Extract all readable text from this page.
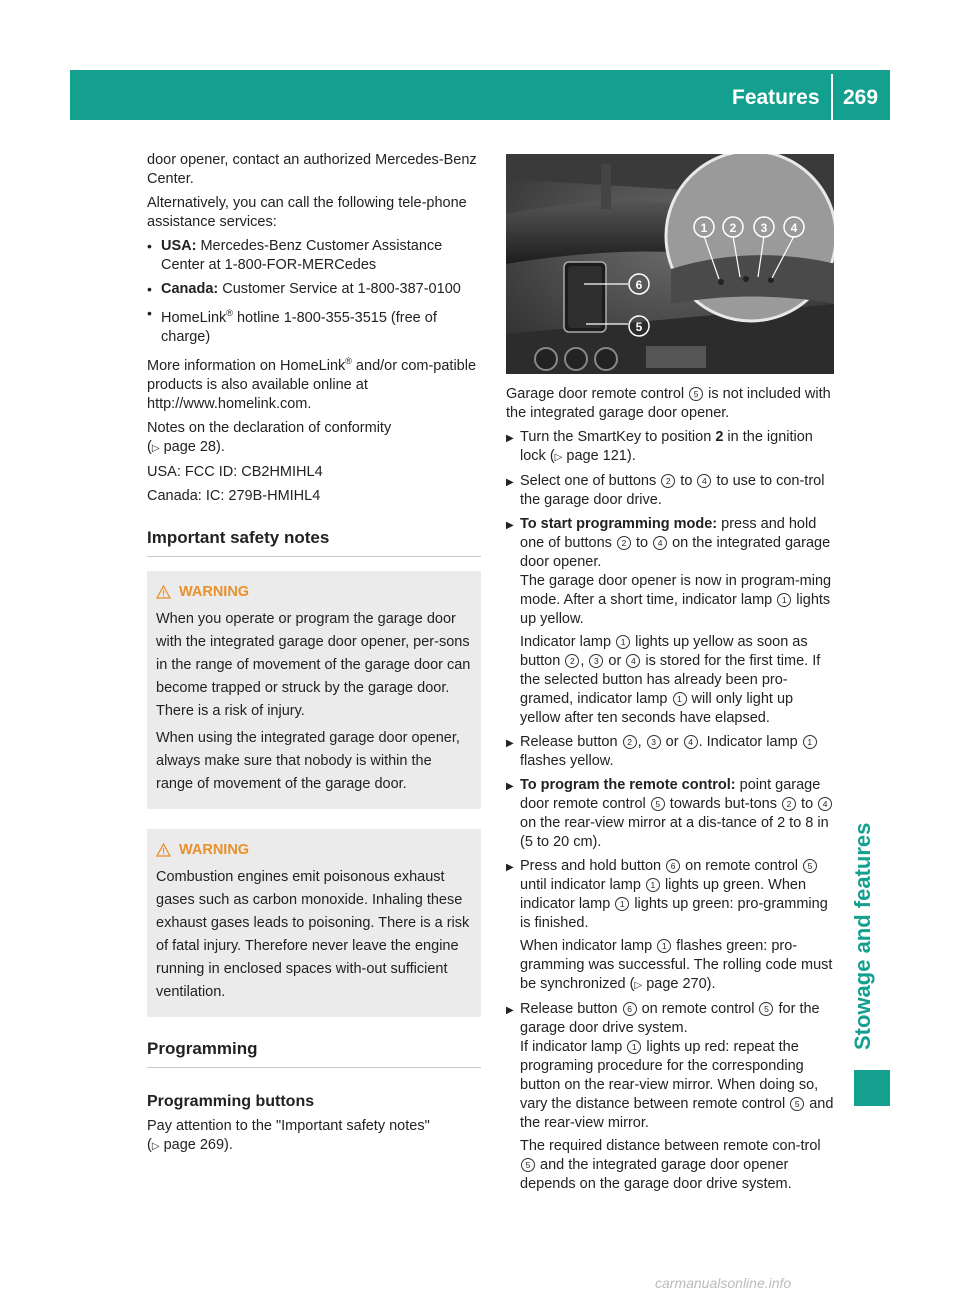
Features 269
Stowage and features

door opener, contact an authorized Mercedes-Benz Center.

Alternatively, you can call the following tele-phone assistance services:

• USA: Mercedes-Benz Customer Assistance Center at 1-800-FOR-MERCedes
• Canada: Customer Service at 1-800-387-0100
• HomeLink® hotline 1-800-355-3515 (free of charge)

More information on HomeLink® and/or com-patible products is also available online at http://www.homelink.com.

Notes on the declaration of conformity
(▷ page 28).

USA: FCC ID: CB2HMIHL4

Canada: IC: 279B-HMIHL4

Important safety notes
WARNING

When you operate or program the garage door with the integrated garage door opener, per-sons in the range of movement of the garage door can become trapped or struck by the garage door. There is a risk of injury.

When using the integrated garage door opener, always make sure that nobody is within the range of movement of the garage door.

WARNING

Combustion engines emit poisonous exhaust gases such as carbon monoxide. Inhaling these exhaust gases leads to poisoning. There is a risk of fatal injury. Therefore never leave the engine running in enclosed spaces with-out sufficient ventilation.

Programming
Programming buttons

Pay attention to the "Important safety notes"
(▷ page 269).

1 2 3 4
6
5

Garage door remote control 5 is not included with the integrated garage door opener.

▶ Turn the SmartKey to position 2 in the ignition lock (▷ page 121).
▶ Select one of buttons 2 to 4 to use to con-trol the garage door drive.
▶ To start programming mode: press and hold one of buttons 2 to 4 on the integrated garage door opener.
The garage door opener is now in program-ming mode. After a short time, indicator lamp 1 lights up yellow.
Indicator lamp 1 lights up yellow as soon as button 2 , 3 or 4 is stored for the first time. If the selected button has already been pro-gramed, indicator lamp 1 will only light up yellow after ten seconds have elapsed.
▶ Release button 2 , 3 or 4 . Indicator lamp 1 flashes yellow.
▶ To program the remote control: point garage door remote control 5 towards but-tons 2 to 4 on the rear-view mirror at a dis-tance of 2 to 8 in (5 to 20 cm).
▶ Press and hold button 6 on remote control 5 until indicator lamp 1 lights up green. When indicator lamp 1 lights up green: pro-gramming is finished.
When indicator lamp 1 flashes green: pro-gramming was successful. The rolling code must be synchronized (▷ page 270).
▶ Release button 6 on remote control 5 for the garage door drive system.
If indicator lamp 1 lights up red: repeat the programing procedure for the corresponding button on the rear-view mirror. When doing so, vary the distance between remote control 5 and the rear-view mirror.
The required distance between remote con-trol 5 and the integrated garage door opener depends on the garage door drive system.
carmanualsonline.info
